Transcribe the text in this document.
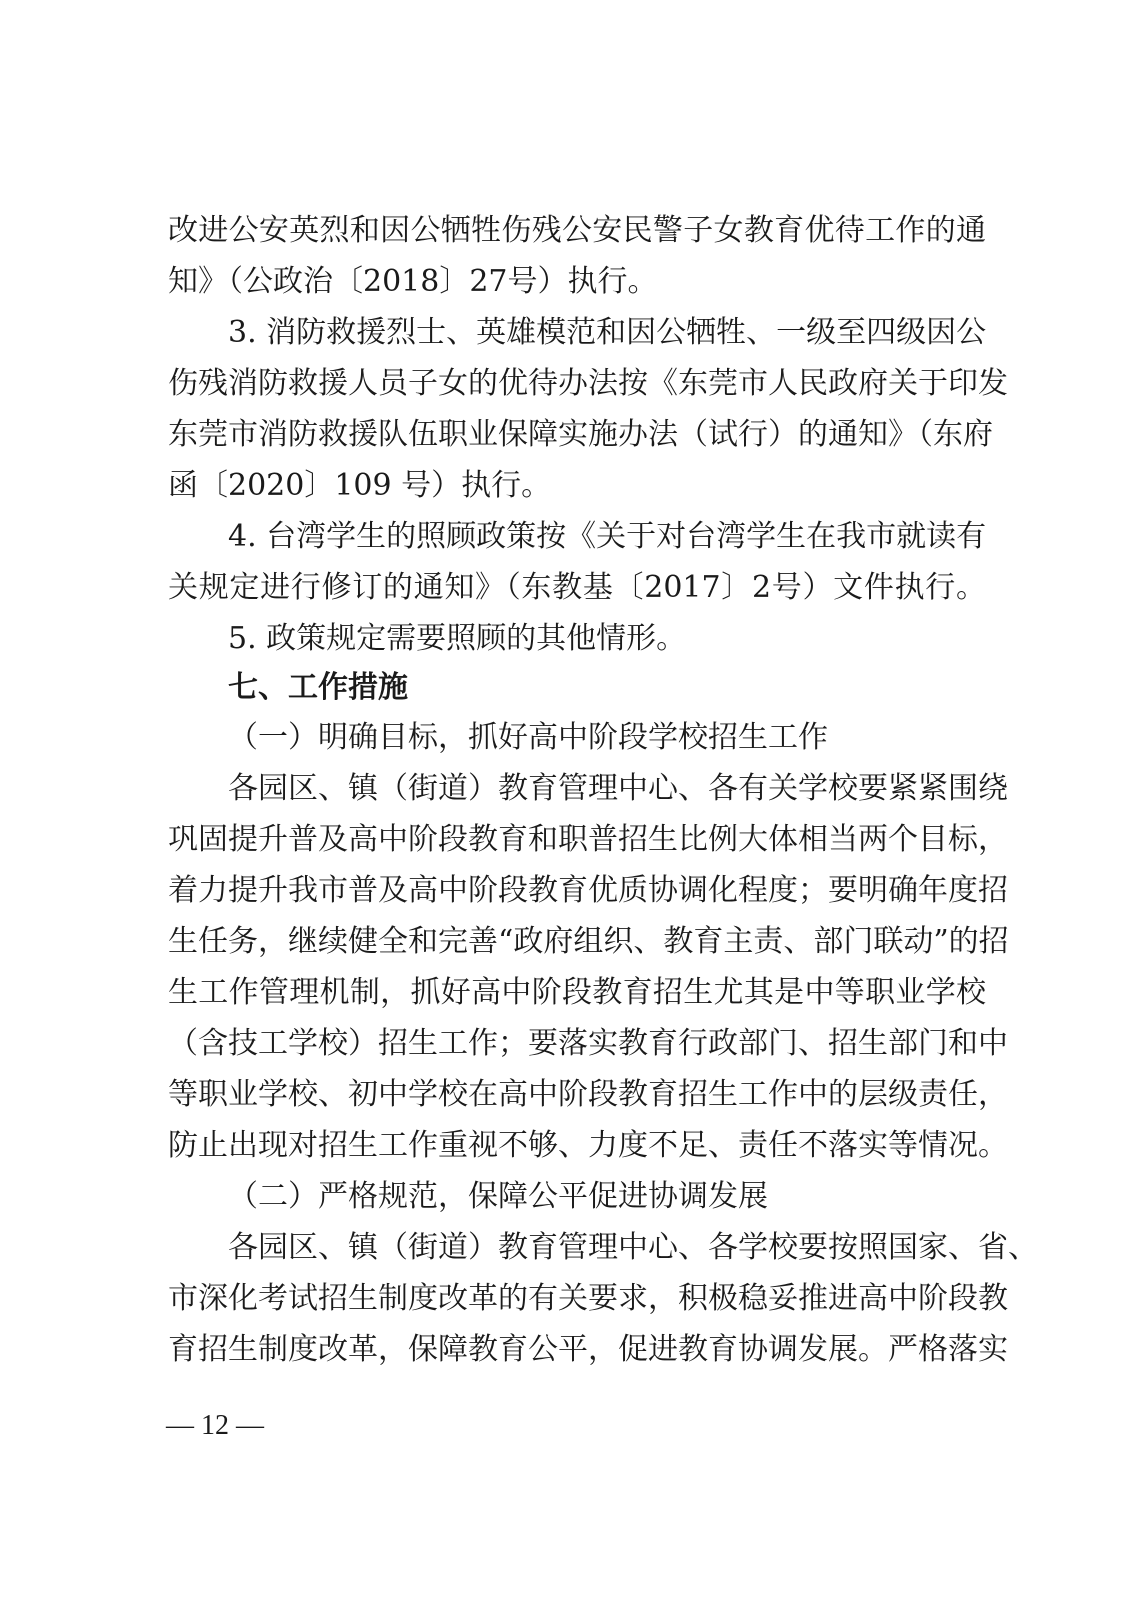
改进公安英烈和因公牺牲伤残公安民警子女教育优待工作的通
知》（公政治〔2018〕27号）执行。
3. 消防救援烈士、英雄模范和因公牺牲、一级至四级因公
伤残消防救援人员子女的优待办法按《东莞市人民政府关于印发
东莞市消防救援队伍职业保障实施办法（试行）的通知》（东府
函〔2020〕109 号）执行。
4. 台湾学生的照顾政策按《关于对台湾学生在我市就读有
关规定进行修订的通知》（东教基〔2017〕2号）文件执行。
5. 政策规定需要照顾的其他情形。
七、工作措施
（一）明确目标，抓好高中阶段学校招生工作
各园区、镇（街道）教育管理中心、各有关学校要紧紧围绕
巩固提升普及高中阶段教育和职普招生比例大体相当两个目标，
着力提升我市普及高中阶段教育优质协调化程度；要明确年度招
生任务，继续健全和完善“政府组织、教育主责、部门联动”的招
生工作管理机制，抓好高中阶段教育招生尤其是中等职业学校
（含技工学校）招生工作；要落实教育行政部门、招生部门和中
等职业学校、初中学校在高中阶段教育招生工作中的层级责任，
防止出现对招生工作重视不够、力度不足、责任不落实等情况。
（二）严格规范，保障公平促进协调发展
各园区、镇（街道）教育管理中心、各学校要按照国家、省、
市深化考试招生制度改革的有关要求，积极稳妥推进高中阶段教
育招生制度改革，保障教育公平，促进教育协调发展。严格落实
— 12 —
